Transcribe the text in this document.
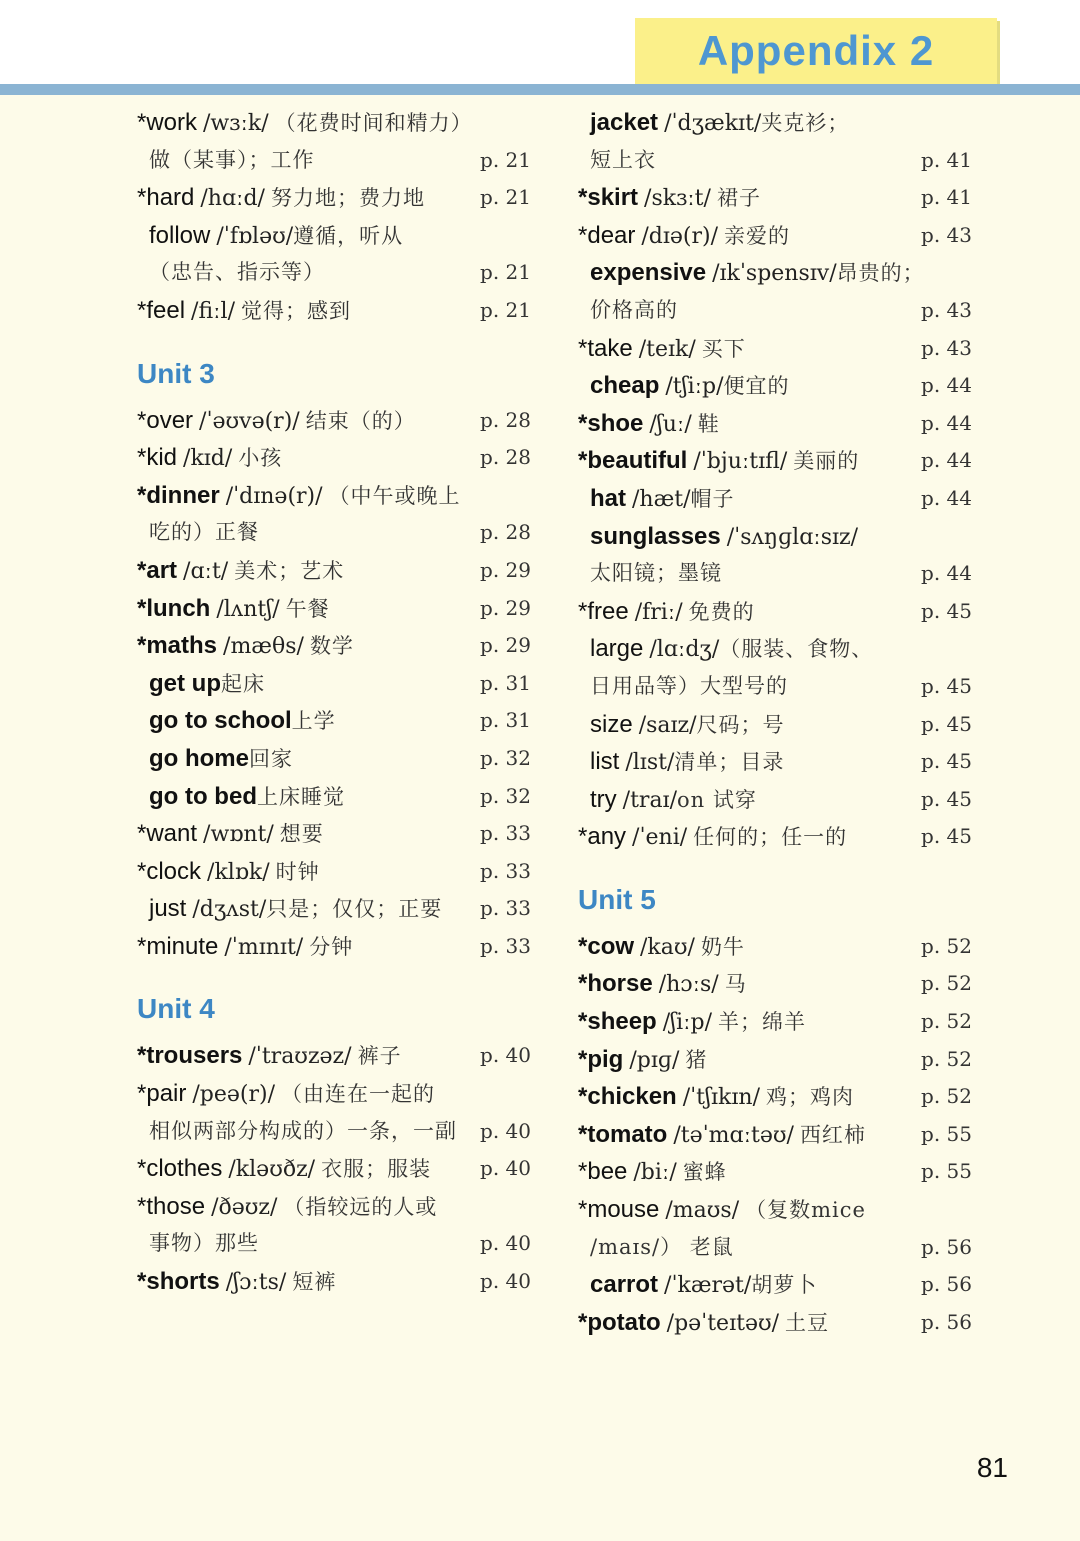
Appendix 2
*work /wɜːk/ （花费时间和精力）
做（某事）；工作	p. 21
*hard /hɑːd/ 努力地；费力地	p. 21
follow /ˈfɒləʊ/遵循，听从
（忠告、指示等）	p. 21
*feel /fiːl/ 觉得；感到	p. 21
Unit 3
*over /ˈəʊvə(r)/ 结束（的）	p. 28
*kid /kɪd/ 小孩	p. 28
*dinner /ˈdɪnə(r)/ （中午或晚上
吃的）正餐	p. 28
*art /ɑːt/ 美术；艺术	p. 29
*lunch /lʌntʃ/ 午餐	p. 29
*maths /mæθs/ 数学	p. 29
get up起床	p. 31
go to school上学	p. 31
go home回家	p. 32
go to bed上床睡觉	p. 32
*want /wɒnt/ 想要	p. 33
*clock /klɒk/ 时钟	p. 33
just /dʒʌst/只是；仅仅；正要 p. 33
*minute /ˈmɪnɪt/ 分钟	p. 33
Unit 4
*trousers /ˈtraʊzəz/ 裤子	p. 40
*pair /peə(r)/ （由连在一起的
相似两部分构成的）一条，一副 p. 40
*clothes /kləʊðz/ 衣服；服装 p. 40
*those /ðəʊz/ （指较远的人或
事物）那些	p. 40
*shorts /ʃɔːts/ 短裤	p. 40
jacket /ˈdʒækɪt/夹克衫；
短上衣	p. 41
*skirt /skɜːt/ 裙子	p. 41
*dear /dɪə(r)/ 亲爱的	p. 43
expensive /ɪkˈspensɪv/昂贵的；
价格高的	p. 43
*take /teɪk/ 买下	p. 43
cheap /tʃiːp/便宜的	p. 44
*shoe /ʃuː/ 鞋	p. 44
*beautiful /ˈbjuːtɪfl/ 美丽的	p. 44
hat /hæt/帽子	p. 44
sunglasses /ˈsʌŋɡlɑːsɪz/
太阳镜；墨镜	p. 44
*free /friː/ 免费的	p. 45
large /lɑːdʒ/（服装、食物、
日用品等）大型号的	p. 45
size /saɪz/尺码；号	p. 45
list /lɪst/清单；目录	p. 45
try /traɪ/on 试穿	p. 45
*any /ˈeni/ 任何的；任一的	p. 45
Unit 5
*cow /kaʊ/ 奶牛	p. 52
*horse /hɔːs/ 马	p. 52
*sheep /ʃiːp/ 羊；绵羊	p. 52
*pig /pɪɡ/ 猪	p. 52
*chicken /ˈtʃɪkɪn/ 鸡；鸡肉	p. 52
*tomato /təˈmɑːtəʊ/ 西红柿	p. 55
*bee /biː/ 蜜蜂	p. 55
*mouse /maʊs/ （复数mice
/maɪs/） 老鼠	p. 56
carrot /ˈkærət/胡萝卜	p. 56
*potato /pəˈteɪtəʊ/ 土豆	p. 56
81
